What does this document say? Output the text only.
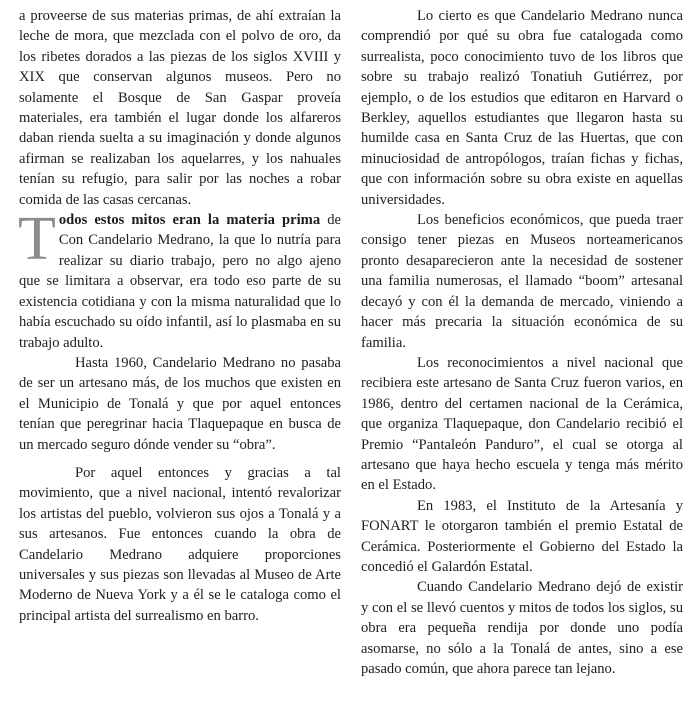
a proveerse de sus materias primas, de ahí extraían la leche de mora, que mezclada con el polvo de oro, da los ribetes dorados a las piezas de los siglos XVIII y XIX que conservan algunos museos. Pero no solamente el Bosque de San Gaspar proveía materiales, era también el lugar donde los alfareros daban rienda suelta a su imaginación y donde algunos afirman se realizaban los aquelarres, y los nahuales tenían su refugio, para salir por las noches a robar comida de las casas cercanas.

Todos estos mitos eran la materia prima de Con Candelario Medrano, la que lo nutría para realizar su diario trabajo, pero no algo ajeno que se limitara a observar, era todo eso parte de su existencia cotidiana y con la misma naturalidad que lo había escuchado su oído infantil, así lo plasmaba en su trabajo adulto.

Hasta 1960, Candelario Medrano no pasaba de ser un artesano más, de los muchos que existen en el Municipio de Tonalá y que por aquel entonces tenían que peregrinar hacia Tlaquepaque en busca de un mercado seguro dónde vender su “obra”.

Por aquel entonces y gracias a tal movimiento, que a nivel nacional, intentó revalorizar los artistas del pueblo, volvieron sus ojos a Tonalá y a sus artesanos. Fue entonces cuando la obra de Candelario Medrano adquiere proporciones universales y sus piezas son llevadas al Museo de Arte Moderno de Nueva York y a él se le cataloga como el principal artista del surrealismo en barro.

Lo cierto es que Candelario Medrano nunca comprendió por qué su obra fue catalogada como surrealista, poco conocimiento tuvo de los libros que sobre su trabajo realizó Tonatiuh Gutiérrez, por ejemplo, o de los estudios que editaron en Harvard o Berkley, aquellos estudiantes que llegaron hasta su humilde casa en Santa Cruz de las Huertas, que con minuciosidad de antropólogos, traían fichas y fichas, que con información sobre su obra existe en aquellas universidades.

Los beneficios económicos, que pueda traer consigo tener piezas en Museos norteamericanos pronto desaparecieron ante la necesidad de sostener una familia numerosas, el llamado “boom” artesanal decayó y con él la demanda de mercado, viniendo a hacer más precaria la situación económica de su familia.

Los reconocimientos a nivel nacional que recibiera este artesano de Santa Cruz fueron varios, en 1986, dentro del certamen nacional de la Cerámica, que organiza Tlaquepaque, don Candelario recibió el Premio “Pantaleón Panduro”, el cual se otorga al artesano que haya hecho escuela y tenga más mérito en el Estado.

En 1983, el Instituto de la Artesanía y FONART le otorgaron también el premio Estatal de Cerámica. Posteriormente el Gobierno del Estado la concedió el Galardón Estatal.

Cuando Candelario Medrano dejó de existir y con el se llevó cuentos y mitos de todos los siglos, su obra era pequeña rendija por donde uno podía asomarse, no sólo a la Tonalá de antes, sino a ese pasado común, que ahora parece tan lejano.
